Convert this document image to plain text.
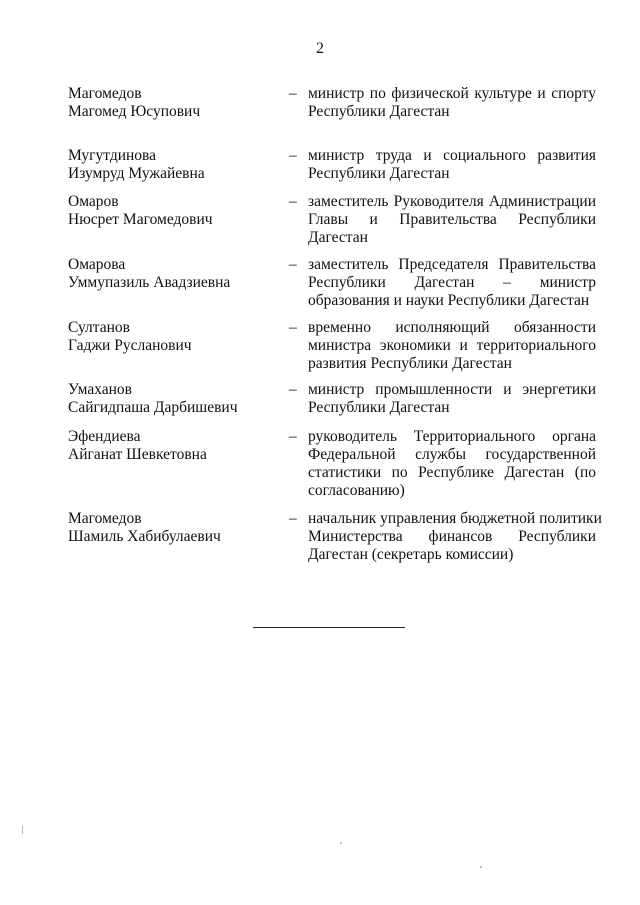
2
Магомедов
Магомед Юсупович
– министр по физической культуре и спорту
Республики Дагестан
Мугутдинова
Изумруд Мужайевна
– министр труда и социального развития
Республики Дагестан
Омаров
Нюсрет Магомедович
– заместитель Руководителя Администрации
Главы и Правительства Республики
Дагестан
Омарова
Уммупазиль Авадзиевна
– заместитель Председателя Правительства
Республики Дагестан – министр
образования и науки Республики Дагестан
Султанов
Гаджи Русланович
– временно исполняющий обязанности
министра экономики и территориального
развития Республики Дагестан
Умаханов
Сайгидпаша Дарбишевич
– министр промышленности и энергетики
Республики Дагестан
Эфендиева
Айганат Шевкетовна
– руководитель Территориального органа
Федеральной службы государственной
статистики по Республике Дагестан (по
согласованию)
Магомедов
Шамиль Хабибулаевич
– начальник управления бюджетной политики
Министерства финансов Республики
Дагестан (секретарь комиссии)
